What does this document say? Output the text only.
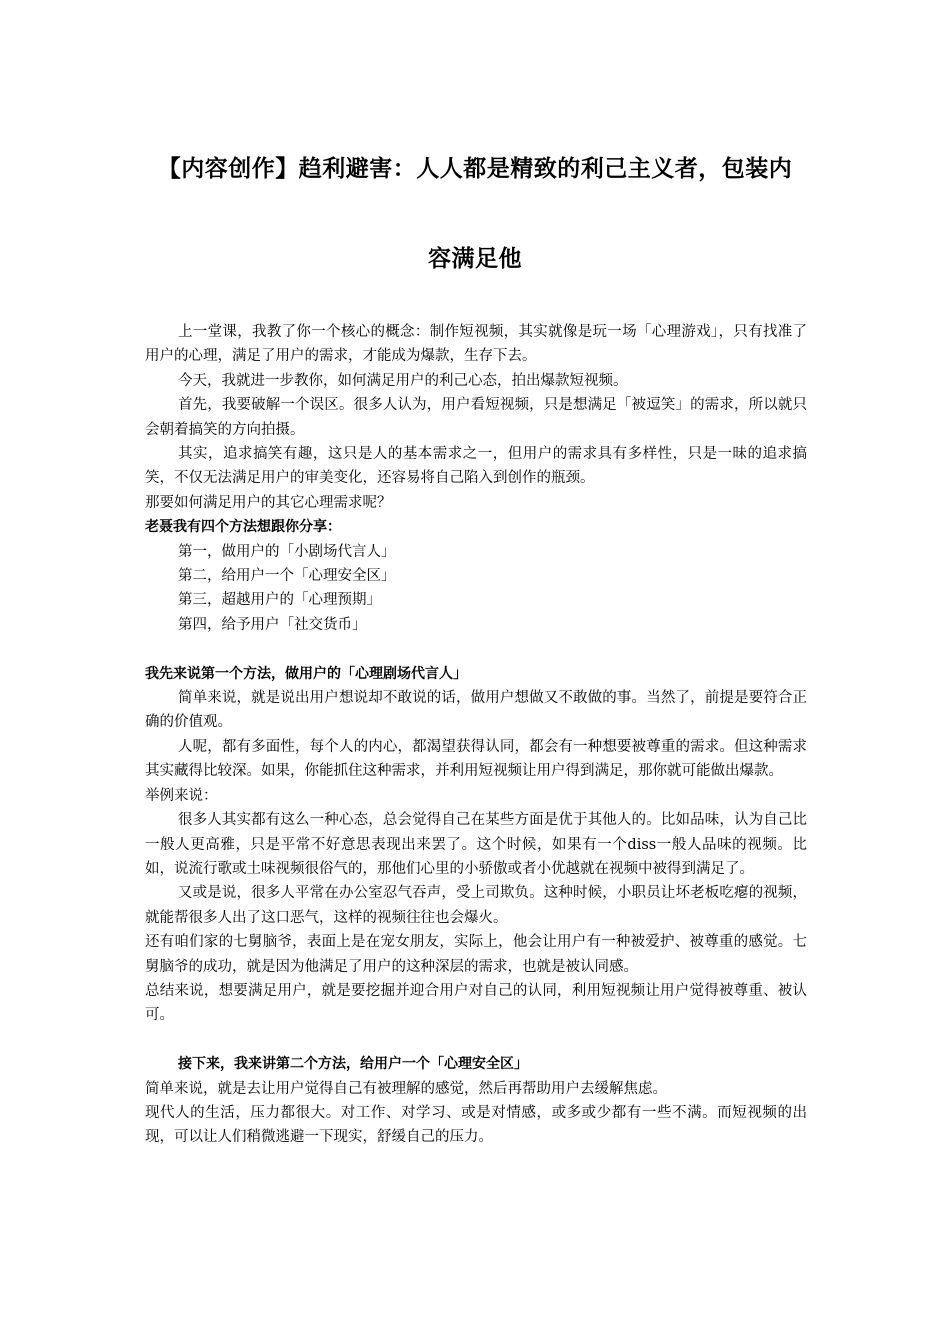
【内容创作】趋利避害：人人都是精致的利己主义者，包装内
容满足他

上一堂课，我教了你一个核心的概念：制作短视频，其实就像是玩一场「心理游戏」，只有找准了用户的心理，满足了用户的需求，才能成为爆款，生存下去。

今天，我就进一步教你，如何满足用户的利己心态，拍出爆款短视频。

首先，我要破解一个误区。很多人认为，用户看短视频，只是想满足「被逗笑」的需求，所以就只会朝着搞笑的方向拍摄。

其实，追求搞笑有趣，这只是人的基本需求之一，但用户的需求具有多样性，只是一昧的追求搞笑，不仅无法满足用户的审美变化，还容易将自己陷入到创作的瓶颈。

那要如何满足用户的其它心理需求呢？

老聂我有四个方法想跟你分享：

第一，做用户的「小剧场代言人」

第二，给用户一个「心理安全区」

第三，超越用户的「心理预期」

第四，给予用户「社交货币」

我先来说第一个方法，做用户的「心理剧场代言人」

简单来说，就是说出用户想说却不敢说的话，做用户想做又不敢做的事。当然了，前提是要符合正确的价值观。

人呢，都有多面性，每个人的内心，都渴望获得认同，都会有一种想要被尊重的需求。但这种需求其实藏得比较深。如果，你能抓住这种需求，并利用短视频让用户得到满足，那你就可能做出爆款。

举例来说：

很多人其实都有这么一种心态，总会觉得自己在某些方面是优于其他人的。比如品味，认为自己比一般人更高雅，只是平常不好意思表现出来罢了。这个时候，如果有一个diss一般人品味的视频。比如，说流行歌或土味视频很俗气的，那他们心里的小骄傲或者小优越就在视频中被得到满足了。

又或是说，很多人平常在办公室忍气吞声，受上司欺负。这种时候，小职员让坏老板吃瘪的视频，就能帮很多人出了这口恶气，这样的视频往往也会爆火。

还有咱们家的七舅脑爷，表面上是在宠女朋友，实际上，他会让用户有一种被爱护、被尊重的感觉。七舅脑爷的成功，就是因为他满足了用户的这种深层的需求，也就是被认同感。

总结来说，想要满足用户，就是要挖掘并迎合用户对自己的认同，利用短视频让用户觉得被尊重、被认可。

接下来，我来讲第二个方法，给用户一个「心理安全区」

简单来说，就是去让用户觉得自己有被理解的感觉，然后再帮助用户去缓解焦虑。

现代人的生活，压力都很大。对工作、对学习、或是对情感，或多或少都有一些不满。而短视频的出现，可以让人们稍微逃避一下现实，舒缓自己的压力。
